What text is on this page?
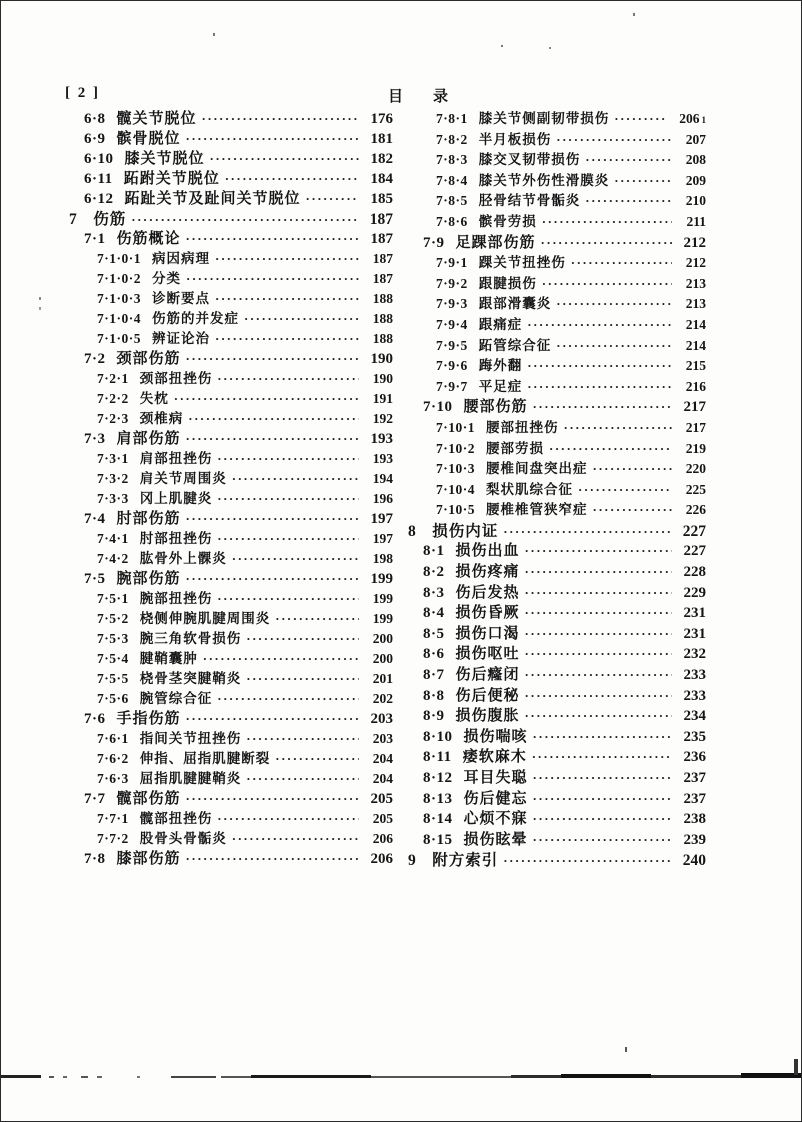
[ 2 ]	目 录
6·8 髋关节脱位 ·····	176
6·9 髌骨脱位 ·····	181
6·10 膝关节脱位 ·····	182
6·11 跖跗关节脱位 ·····	184
6·12 跖趾关节及趾间关节脱位 ·····	185
7 伤筋 ·····	187
7·1 伤筋概论 ·····	187
7·1·0·1 病因病理 ·····	187
7·1·0·2 分类 ·····	187
7·1·0·3 诊断要点 ·····	188
7·1·0·4 伤筋的并发症 ·····	188
7·1·0·5 辨证论治 ·····	188
7·2 颈部伤筋 ·····	190
7·2·1 颈部扭挫伤 ·····	190
7·2·2 失枕 ·····	191
7·2·3 颈椎病 ·····	192
7·3 肩部伤筋 ·····	193
7·3·1 肩部扭挫伤 ·····	193
7·3·2 肩关节周围炎 ·····	194
7·3·3 冈上肌腱炎 ·····	196
7·4 肘部伤筋 ·····	197
7·4·1 肘部扭挫伤 ·····	197
7·4·2 肱骨外上髁炎 ·····	198
7·5 腕部伤筋 ·····	199
7·5·1 腕部扭挫伤 ·····	199
7·5·2 桡侧伸腕肌腱周围炎 ·····	199
7·5·3 腕三角软骨损伤 ·····	200
7·5·4 腱鞘囊肿 ·····	200
7·5·5 桡骨茎突腱鞘炎 ·····	201
7·5·6 腕管综合征 ·····	202
7·6 手指伤筋 ·····	203
7·6·1 指间关节扭挫伤 ·····	203
7·6·2 伸指、屈指肌腱断裂 ·····	204
7·6·3 屈指肌腱腱鞘炎 ·····	204
7·7 髋部伤筋 ·····	205
7·7·1 髋部扭挫伤 ·····	205
7·7·2 股骨头骨骺炎 ·····	206
7·8 膝部伤筋 ·····	206
7·8·1 膝关节侧副韧带损伤 ·····	206 1
7·8·2 半月板损伤 ·····	207
7·8·3 膝交叉韧带损伤 ·····	208
7·8·4 膝关节外伤性滑膜炎 ·····	209
7·8·5 胫骨结节骨骺炎 ·····	210
7·8·6 髌骨劳损 ·····	211
7·9 足踝部伤筋 ·····	212
7·9·1 踝关节扭挫伤 ·····	212
7·9·2 跟腱损伤 ·····	213
7·9·3 跟部滑囊炎 ·····	213
7·9·4 跟痛症 ·····	214
7·9·5 跖管综合征 ·····	214
7·9·6 踇外翻 ·····	215
7·9·7 平足症 ·····	216
7·10 腰部伤筋 ·····	217
7·10·1 腰部扭挫伤 ·····	217
7·10·2 腰部劳损 ·····	219
7·10·3 腰椎间盘突出症 ·····	220
7·10·4 梨状肌综合征 ·····	225
7·10·5 腰椎椎管狭窄症 ·····	226
8 损伤内证 ·····	227
8·1 损伤出血 ·····	227
8·2 损伤疼痛 ·····	228
8·3 伤后发热 ·····	229
8·4 损伤昏厥 ·····	231
8·5 损伤口渴 ·····	231
8·6 损伤呕吐 ·····	232
8·7 伤后癃闭 ·····	233
8·8 伤后便秘 ·····	233
8·9 损伤腹胀 ·····	234
8·10 损伤喘咳 ·····	235
8·11 痿软麻木 ·····	236
8·12 耳目失聪 ·····	237
8·13 伤后健忘 ·····	237
8·14 心烦不寐 ·····	238
8·15 损伤眩晕 ·····	239
9 附方索引 ·····	240
